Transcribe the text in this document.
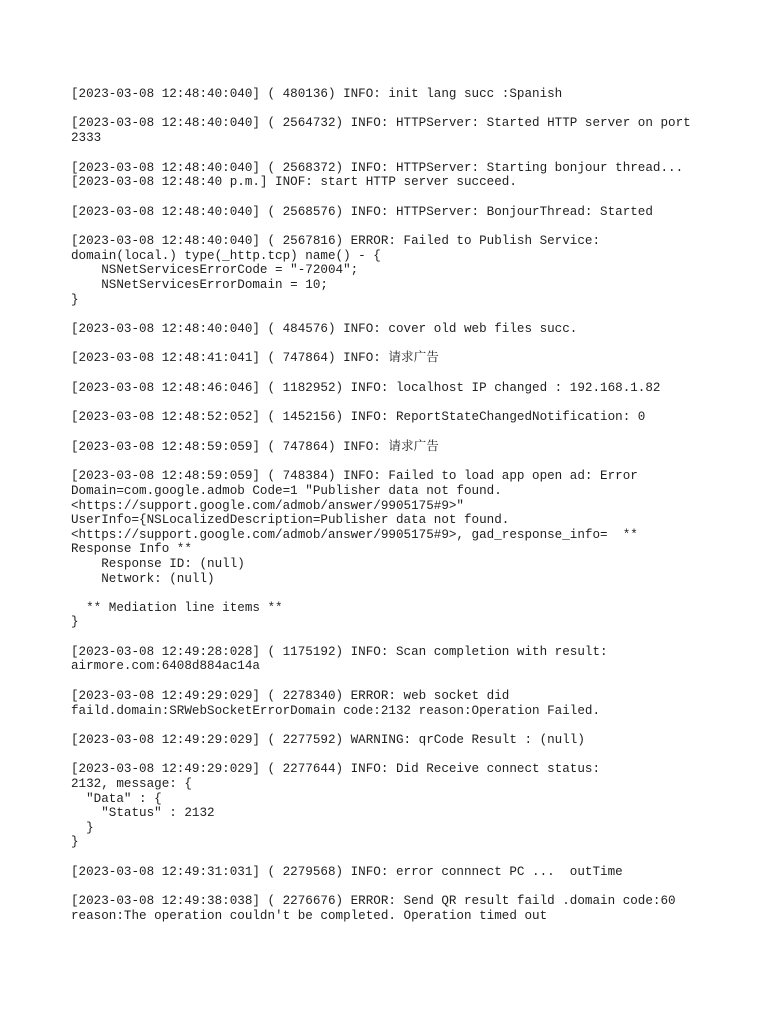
[2023-03-08 12:48:40:040] ( 480136) INFO: init lang succ :Spanish
[2023-03-08 12:48:40:040] ( 2564732) INFO: HTTPServer: Started HTTP server on port
2333
[2023-03-08 12:48:40:040] ( 2568372) INFO: HTTPServer: Starting bonjour thread...
[2023-03-08 12:48:40 p.m.] INOF: start HTTP server succeed.
[2023-03-08 12:48:40:040] ( 2568576) INFO: HTTPServer: BonjourThread: Started
[2023-03-08 12:48:40:040] ( 2567816) ERROR: Failed to Publish Service:
domain(local.) type(_http.tcp) name() - {
NSNetServicesErrorCode = "-72004";
NSNetServicesErrorDomain = 10;
}
[2023-03-08 12:48:40:040] ( 484576) INFO: cover old web files succ.
[2023-03-08 12:48:41:041] ( 747864) INFO: 请求广告
[2023-03-08 12:48:46:046] ( 1182952) INFO: localhost IP changed : 192.168.1.82
[2023-03-08 12:48:52:052] ( 1452156) INFO: ReportStateChangedNotification: 0
[2023-03-08 12:48:59:059] ( 747864) INFO: 请求广告
[2023-03-08 12:48:59:059] ( 748384) INFO: Failed to load app open ad: Error
Domain=com.google.admob Code=1 "Publisher data not found.
<https://support.google.com/admob/answer/9905175#9>"
UserInfo={NSLocalizedDescription=Publisher data not found.
<https://support.google.com/admob/answer/9905175#9>, gad_response_info=  **
Response Info **
Response ID: (null)
Network: (null)

** Mediation line items **
}
[2023-03-08 12:49:28:028] ( 1175192) INFO: Scan completion with result:
airmore.com:6408d884ac14a
[2023-03-08 12:49:29:029] ( 2278340) ERROR: web socket did
faild.domain:SRWebSocketErrorDomain code:2132 reason:Operation Failed.
[2023-03-08 12:49:29:029] ( 2277592) WARNING: qrCode Result : (null)
[2023-03-08 12:49:29:029] ( 2277644) INFO: Did Receive connect status:
2132, message: {
"Data" : {
"Status" : 2132
}
}
[2023-03-08 12:49:31:031] ( 2279568) INFO: error connnect PC ...  outTime
[2023-03-08 12:49:38:038] ( 2276676) ERROR: Send QR result faild .domain code:60
reason:The operation couldn't be completed. Operation timed out
